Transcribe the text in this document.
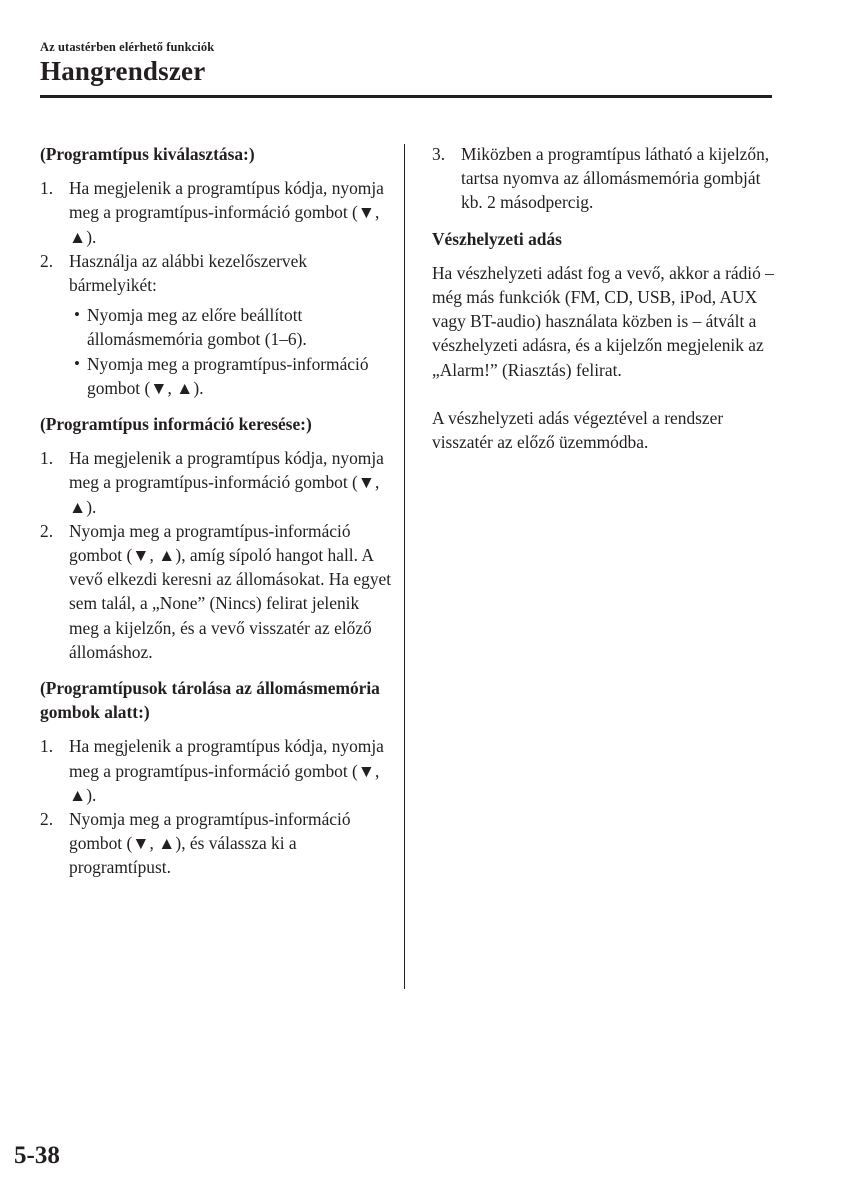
Az utastérben elérhető funkciók
Hangrendszer
(Programtípus kiválasztása:)
1. Ha megjelenik a programtípus kódja, nyomja meg a programtípus-információ gombot (▼, ▲).
2. Használja az alábbi kezelőszervek bármelyikét:
• Nyomja meg az előre beállított állomásmemória gombot (1–6).
• Nyomja meg a programtípus-információ gombot (▼, ▲).
(Programtípus információ keresése:)
1. Ha megjelenik a programtípus kódja, nyomja meg a programtípus-információ gombot (▼, ▲).
2. Nyomja meg a programtípus-információ gombot (▼, ▲), amíg sípoló hangot hall. A vevő elkezdi keresni az állomásokat. Ha egyet sem talál, a „None” (Nincs) felirat jelenik meg a kijelzőn, és a vevő visszatér az előző állomáshoz.
(Programtípusok tárolása az állomásmemória gombok alatt:)
1. Ha megjelenik a programtípus kódja, nyomja meg a programtípus-információ gombot (▼, ▲).
2. Nyomja meg a programtípus-információ gombot (▼, ▲), és válassza ki a programtípust.
3. Miközben a programtípus látható a kijelzőn, tartsa nyomva az állomásmemória gombját kb. 2 másodpercig.
Vészhelyzeti adás

Ha vészhelyzeti adást fog a vevő, akkor a rádió – még más funkciók (FM, CD, USB, iPod, AUX vagy BT-audio) használata közben is – átvált a vészhelyzeti adásra, és a kijelzőn megjelenik az „Alarm!” (Riasztás) felirat.

A vészhelyzeti adás végeztével a rendszer visszatér az előző üzemmódba.

5-38
